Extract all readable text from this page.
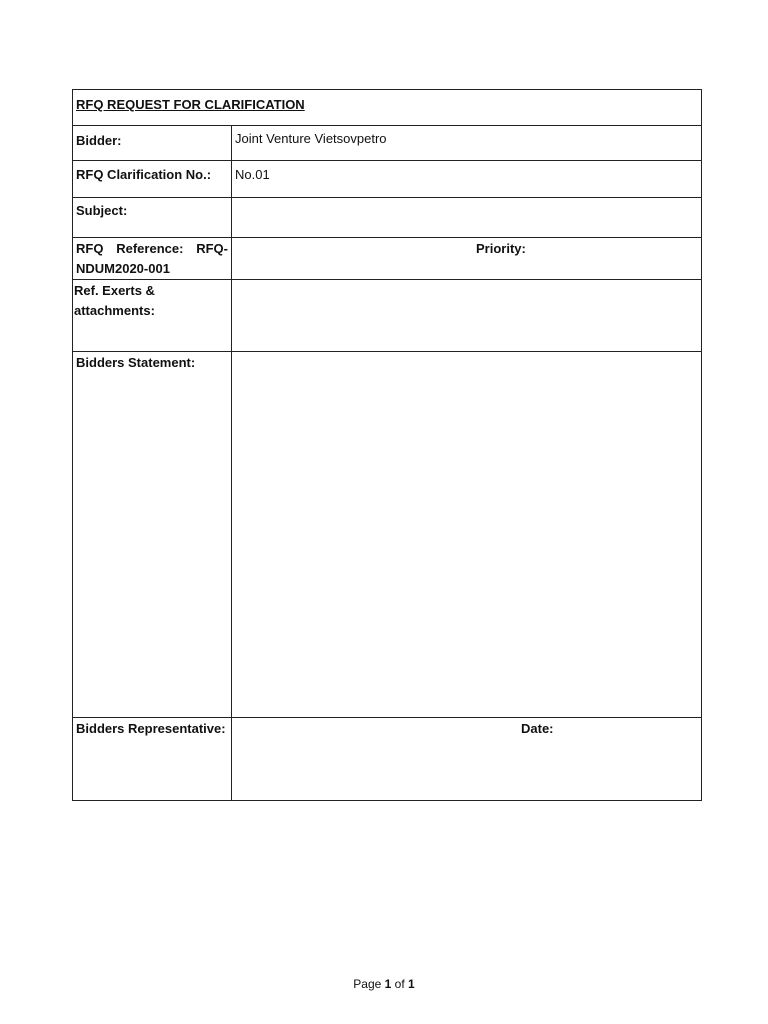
RFQ REQUEST FOR CLARIFICATION	
Bidder:	Joint Venture Vietsovpetro
RFQ Clarification No.:	No.01
Subject:	

RFQ Reference: RFQ-
NDUM2020-001	Priority:

Ref. Exerts &
attachments:	

Bidders Statement:	
Bidders Representative:	Date:
Page 1 of 1
